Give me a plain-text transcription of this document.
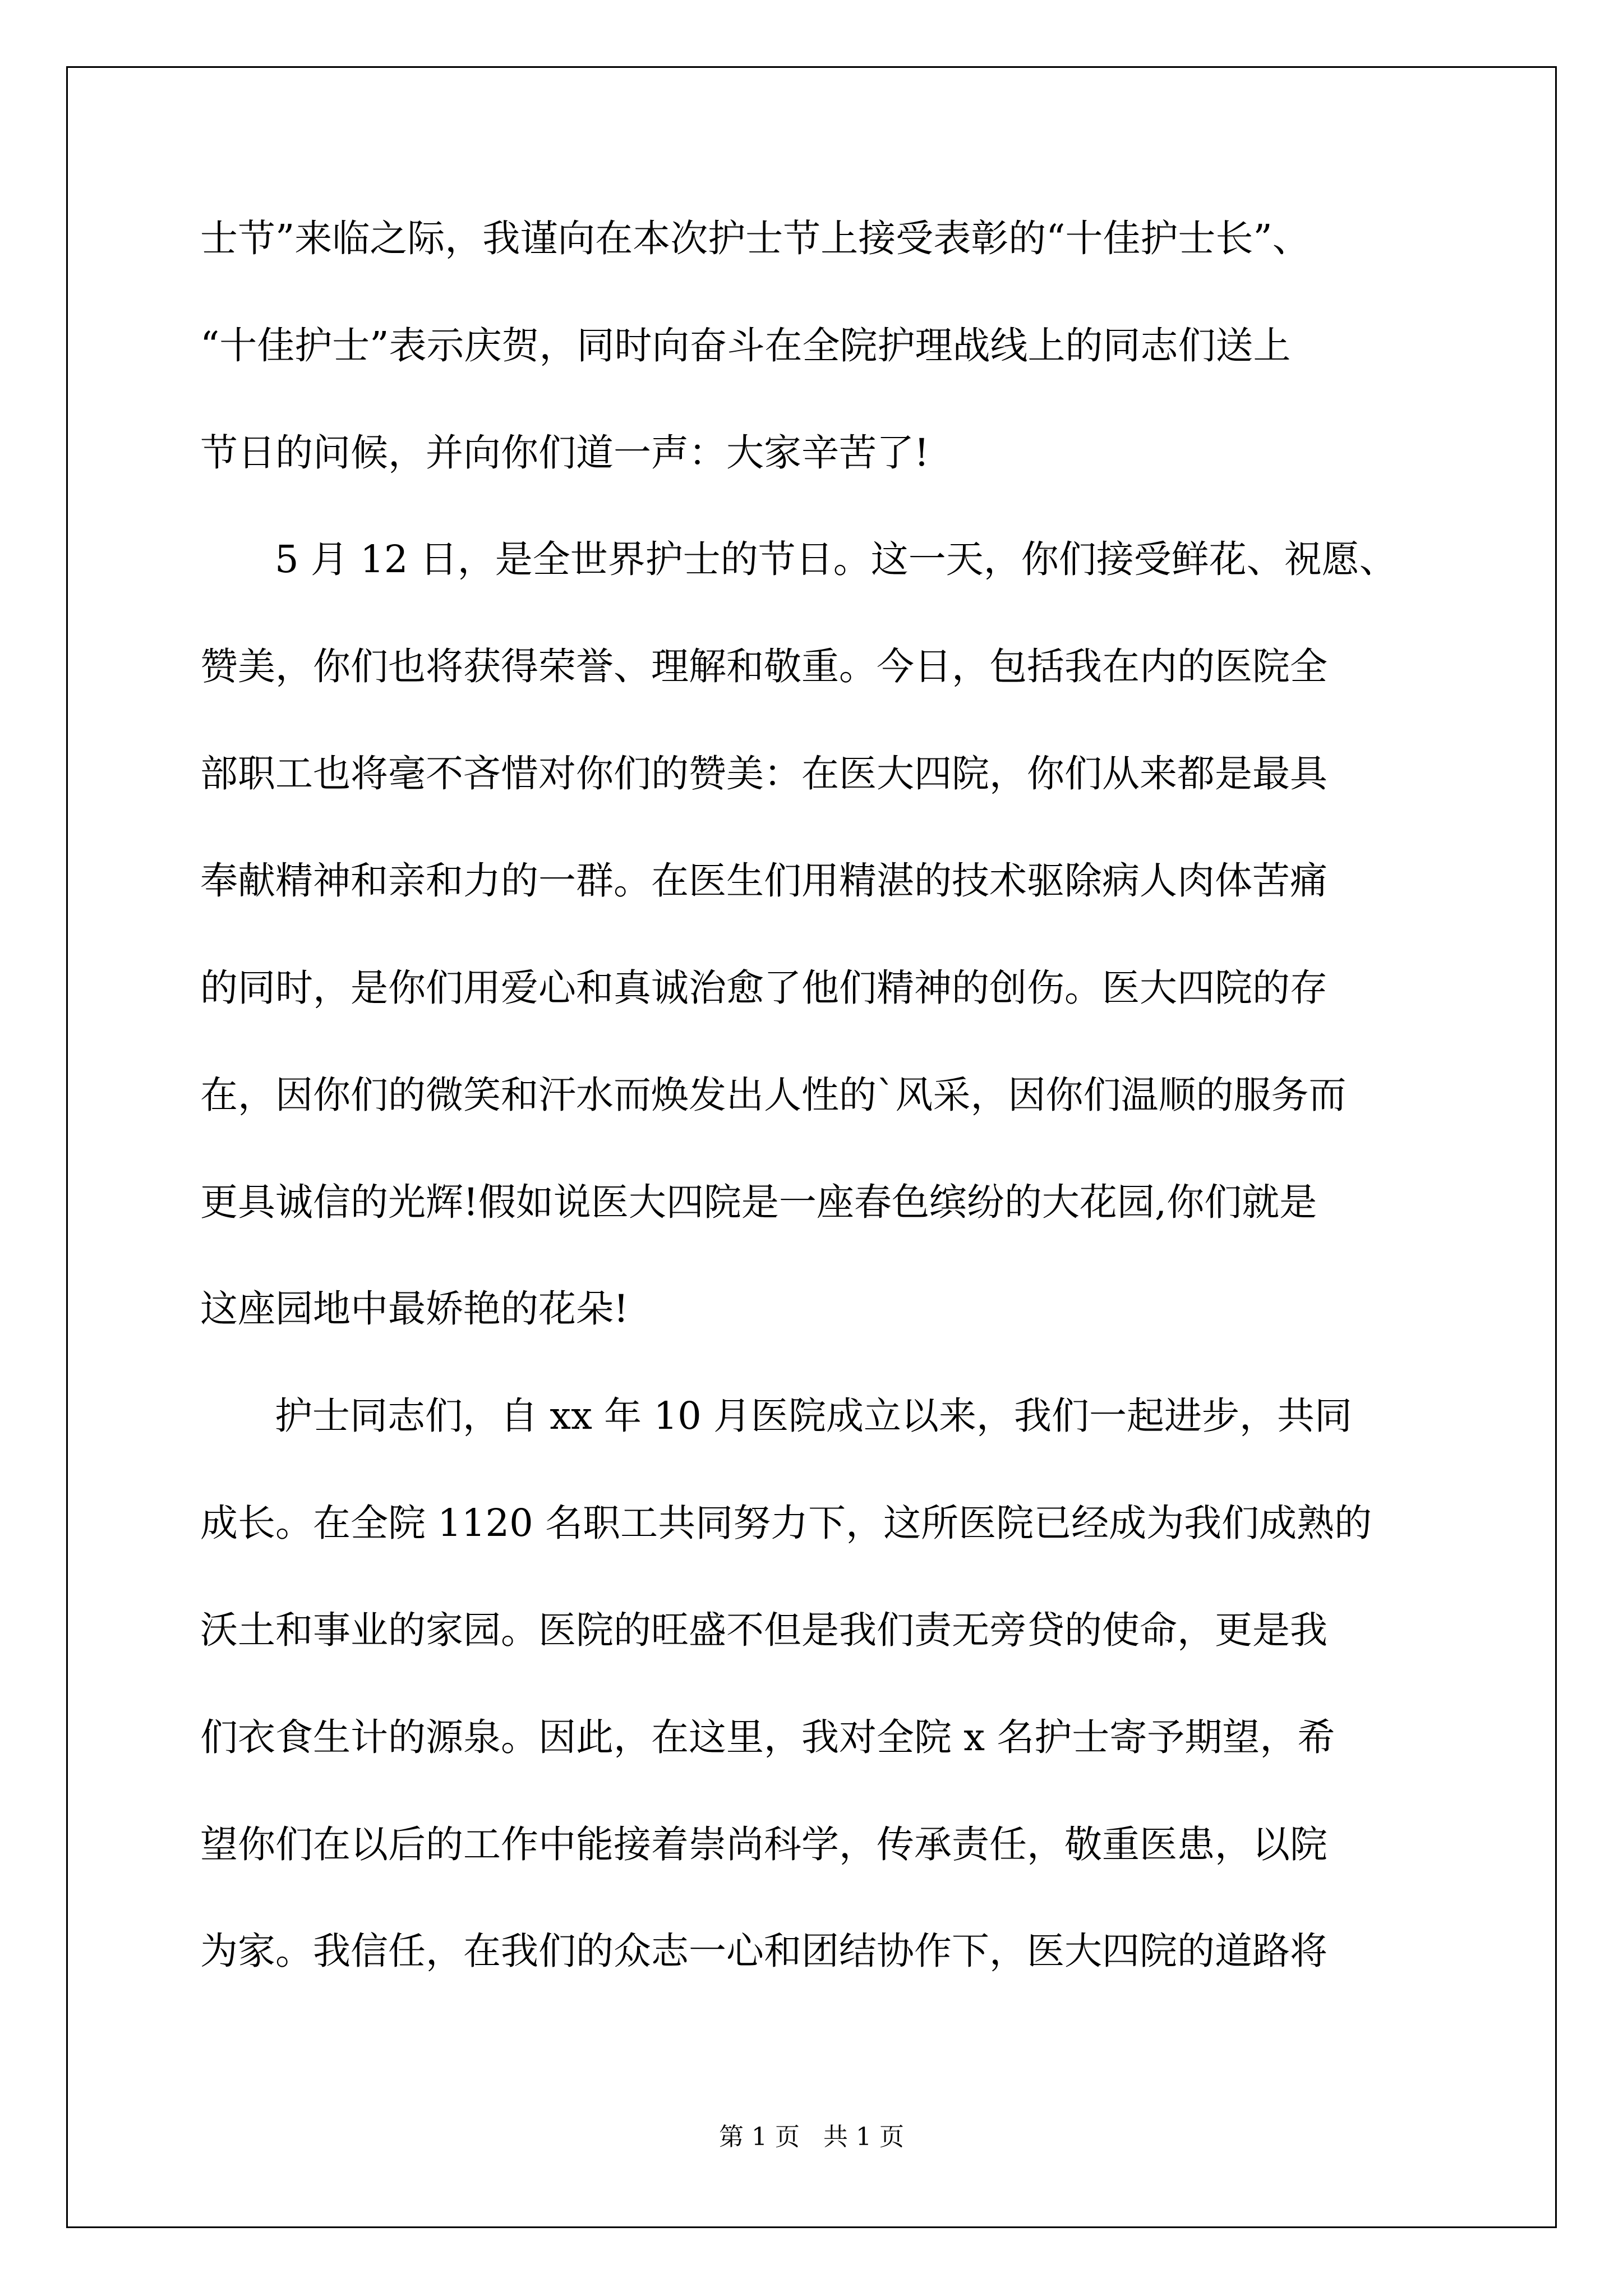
士节”来临之际，我谨向在本次护士节上接受表彰的“十佳护士长”、
“十佳护士”表示庆贺，同时向奋斗在全院护理战线上的同志们送上
节日的问候，并向你们道一声：大家辛苦了!
5 月 12 日，是全世界护士的节日。这一天，你们接受鲜花、祝愿、
赞美，你们也将获得荣誉、理解和敬重。今日，包括我在内的医院全
部职工也将毫不吝惜对你们的赞美：在医大四院，你们从来都是最具
奉献精神和亲和力的一群。在医生们用精湛的技术驱除病人肉体苦痛
的同时，是你们用爱心和真诚治愈了他们精神的创伤。医大四院的存
在，因你们的微笑和汗水而焕发出人性的`风采，因你们温顺的服务而
更具诚信的光辉!假如说医大四院是一座春色缤纷的大花园,你们就是
这座园地中最娇艳的花朵!
护士同志们，自 xx 年 10 月医院成立以来，我们一起进步，共同
成长。在全院 1120 名职工共同努力下，这所医院已经成为我们成熟的
沃土和事业的家园。医院的旺盛不但是我们责无旁贷的使命，更是我
们衣食生计的源泉。因此，在这里，我对全院 x 名护士寄予期望，希
望你们在以后的工作中能接着崇尚科学，传承责任，敬重医患，以院
为家。我信任，在我们的众志一心和团结协作下，医大四院的道路将
第 1 页   共 1 页
